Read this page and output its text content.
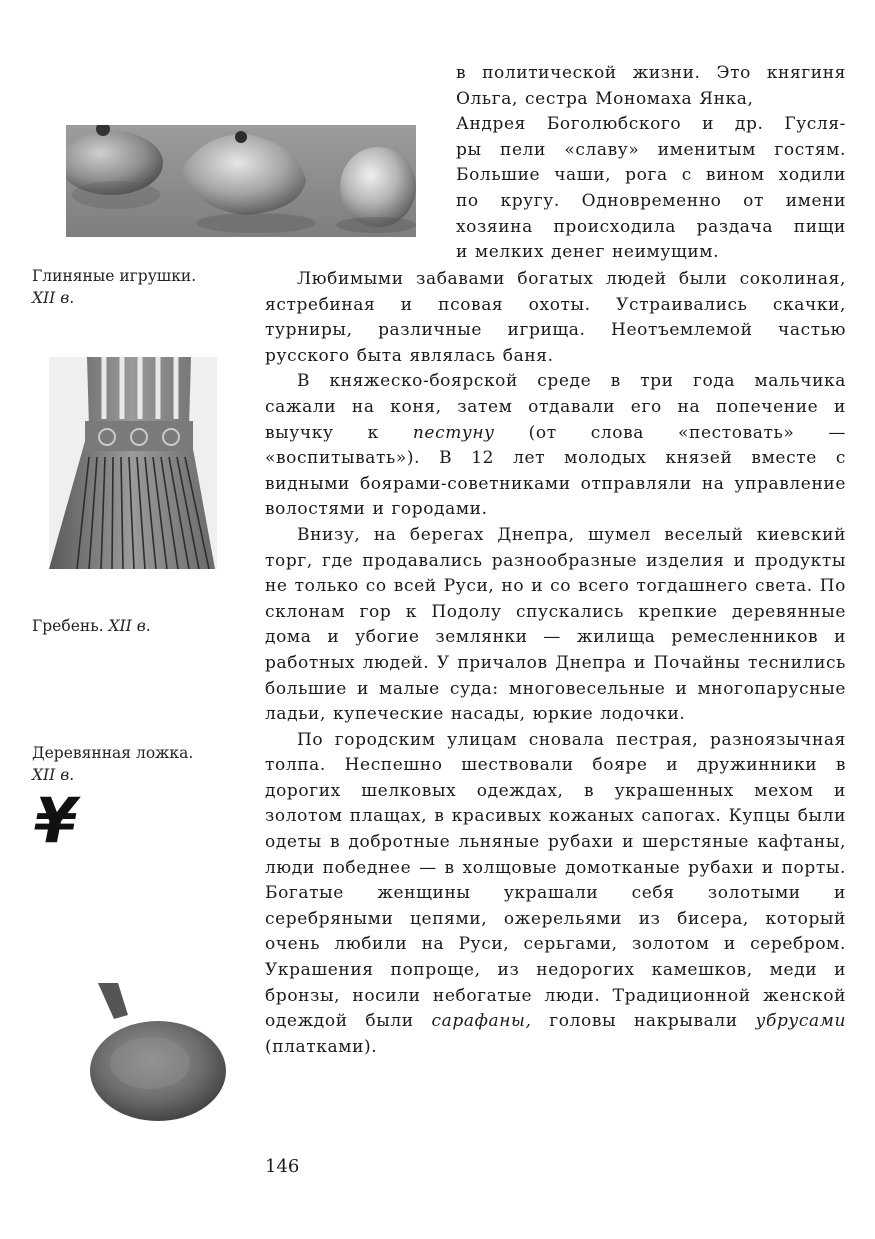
Глиняные игрушки.
XII в.
Гребень. XII в.
Деревянная ложка.
XII в.
¥
в политической жизни. Это княгиня
Ольга, сестра Мономаха Янка,
Андрея Боголюбского и др. Гусля-
ры пели «славу» именитым гостям.
Большие чаши, рога с вином ходили
по кругу. Одновременно от имени
хозяина происходила раздача пищи
и мелких денег неимущим.

Любимыми забавами богатых людей были соколиная, ястребиная и псовая охоты. Устраивались скачки, турниры, различные игрища. Неотъемлемой частью русского быта являлась баня.

В княжеско-боярской среде в три года мальчика сажали на коня, затем отдавали его на попечение и выучку к пестуну (от слова «пестовать» — «воспитывать»). В 12 лет молодых князей вместе с видными боярами-советниками отправляли на управление волостями и городами.

Внизу, на берегах Днепра, шумел веселый киевский торг, где продавались разнообразные изделия и продукты не только со всей Руси, но и со всего тогдашнего света. По склонам гор к Подолу спускались крепкие деревянные дома и убогие землянки — жилища ремесленников и работных людей. У причалов Днепра и Почайны теснились большие и малые суда: многовесельные и многопарусные ладьи, купеческие насады, юркие лодочки.

По городским улицам сновала пестрая, разноязычная толпа. Неспешно шествовали бояре и дружинники в дорогих шелковых одеждах, в украшенных мехом и золотом плащах, в красивых кожаных сапогах. Купцы были одеты в добротные льняные рубахи и шерстяные кафтаны, люди победнее — в холщовые домотканые рубахи и порты. Богатые женщины украшали себя золотыми и серебряными цепями, ожерельями из бисера, который очень любили на Руси, серьгами, золотом и серебром. Украшения попроще, из недорогих камешков, меди и бронзы, носили небогатые люди. Традиционной женской одеждой были сарафаны, головы накрывали убрусами (платками).

146
